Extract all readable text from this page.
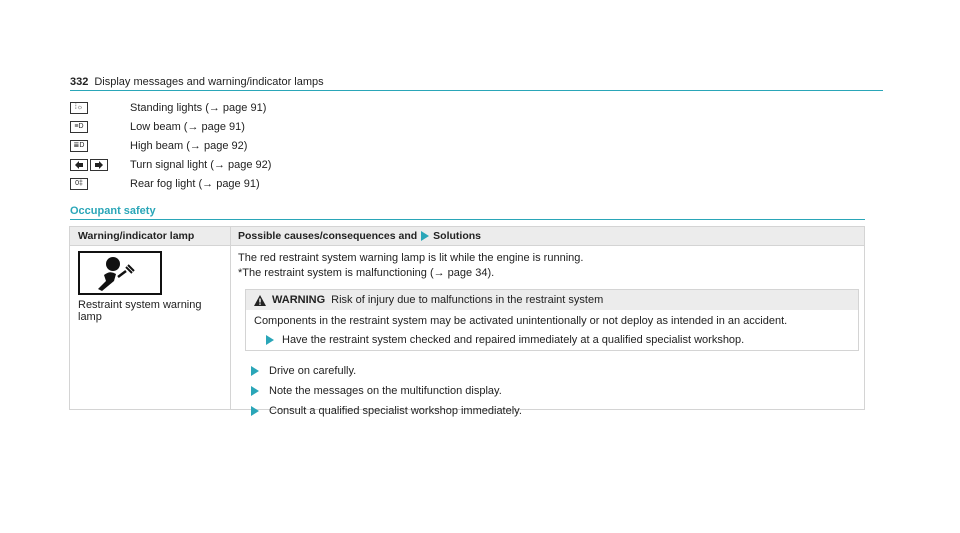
332 Display messages and warning/indicator lamps
⁞☼	Standing lights (→ page 91)
≡D	Low beam (→ page 91)
≣D	High beam (→ page 92)
Turn signal light (→ page 92)
0‡	Rear fog light (→ page 91)
Occupant safety
Warning/indicator lamp	Possible causes/consequences and Solutions
Restraint system warning lamp
The red restraint system warning lamp is lit while the engine is running.
*The restraint system is malfunctioning (→ page 34).
WARNING Risk of injury due to malfunctions in the restraint system
Components in the restraint system may be activated unintentionally or not deploy as intended in an accident.
Have the restraint system checked and repaired immediately at a qualified specialist workshop.
Drive on carefully.
Note the messages on the multifunction display.
Consult a qualified specialist workshop immediately.
